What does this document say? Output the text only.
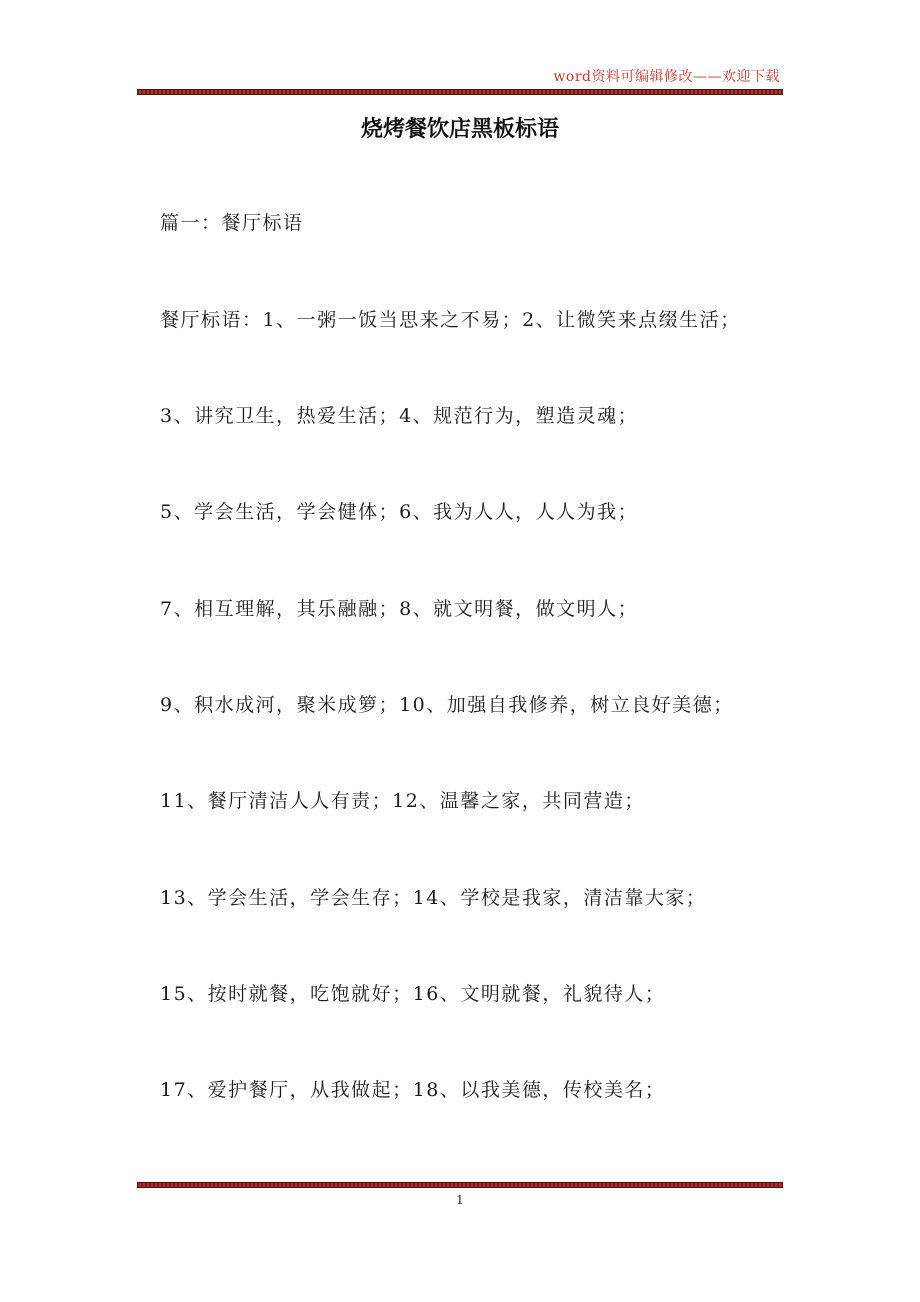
word资料可编辑修改——欢迎下载
烧烤餐饮店黑板标语
篇一：餐厅标语
餐厅标语：1、一粥一饭当思来之不易；2、让微笑来点缀生活；
3、讲究卫生，热爱生活；4、规范行为，塑造灵魂；
5、学会生活，学会健体；6、我为人人，人人为我；
7、相互理解，其乐融融；8、就文明餐，做文明人；
9、积水成河，聚米成箩；10、加强自我修养，树立良好美德；
11、餐厅清洁人人有责；12、温馨之家，共同营造；
13、学会生活，学会生存；14、学校是我家，清洁靠大家；
15、按时就餐，吃饱就好；16、文明就餐，礼貌待人；
17、爱护餐厅，从我做起；18、以我美德，传校美名；
1
